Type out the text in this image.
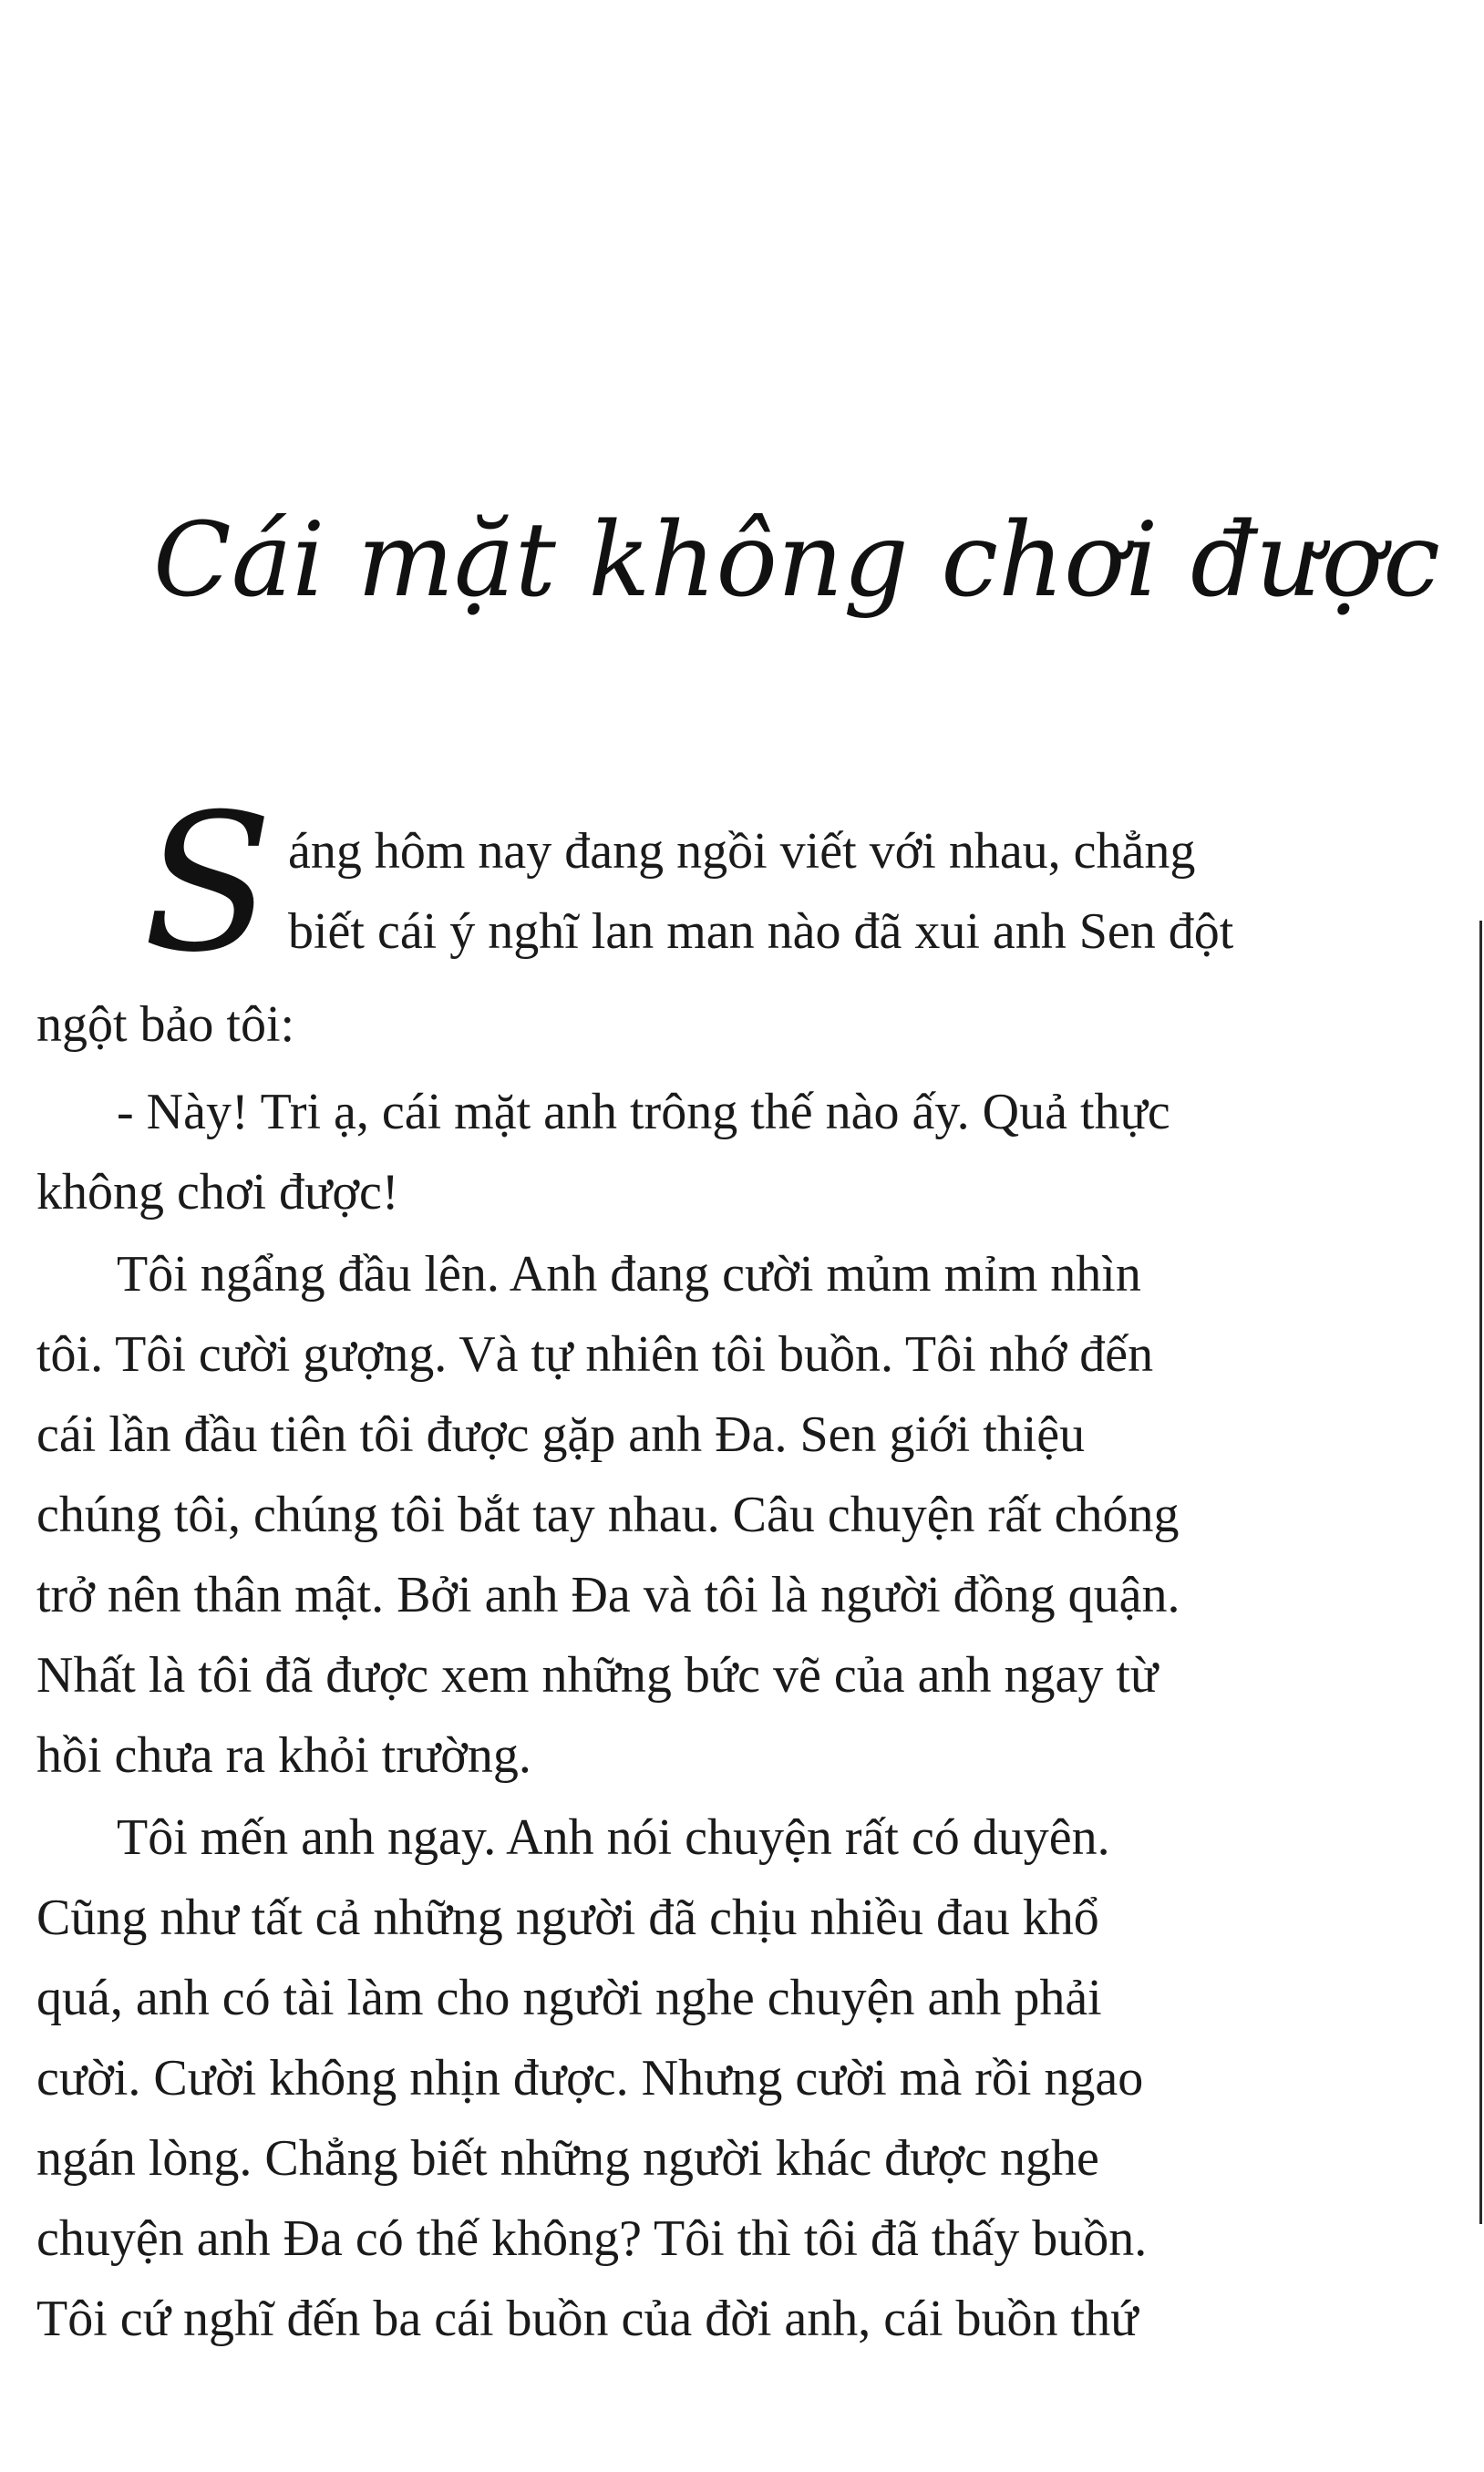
Cái mặt không chơi được
S áng hôm nay đang ngồi viết với nhau, chẳng

biết cái ý nghĩ lan man nào đã xui anh Sen đột

ngột bảo tôi:

- Này! Tri ạ, cái mặt anh trông thế nào ấy. Quả thực

không chơi được!

Tôi ngẩng đầu lên. Anh đang cười mủm mỉm nhìn

tôi. Tôi cười gượng. Và tự nhiên tôi buồn. Tôi nhớ đến

cái lần đầu tiên tôi được gặp anh Đa. Sen giới thiệu

chúng tôi, chúng tôi bắt tay nhau. Câu chuyện rất chóng

trở nên thân mật. Bởi anh Đa và tôi là người đồng quận.

Nhất là tôi đã được xem những bức vẽ của anh ngay từ

hồi chưa ra khỏi trường.

Tôi mến anh ngay. Anh nói chuyện rất có duyên.

Cũng như tất cả những người đã chịu nhiều đau khổ

quá, anh có tài làm cho người nghe chuyện anh phải

cười. Cười không nhịn được. Nhưng cười mà rồi ngao

ngán lòng. Chẳng biết những người khác được nghe

chuyện anh Đa có thế không? Tôi thì tôi đã thấy buồn.

Tôi cứ nghĩ đến ba cái buồn của đời anh, cái buồn thứ
